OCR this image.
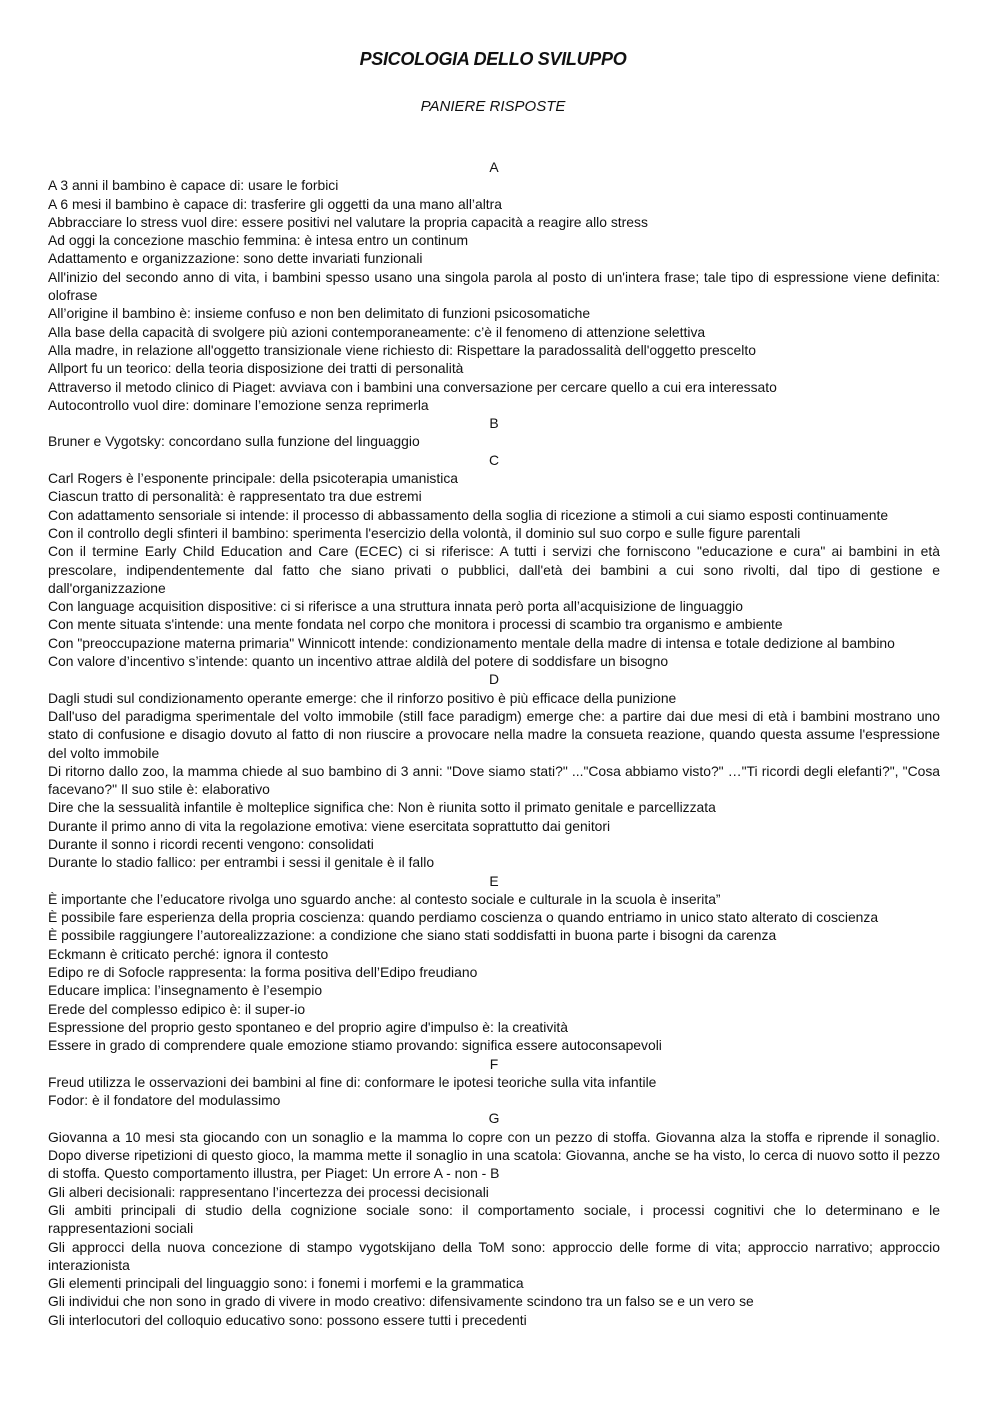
PSICOLOGIA DELLO SVILUPPO
PANIERE RISPOSTE
A
A 3 anni il bambino è capace di: usare le forbici
A 6 mesi il bambino è capace di: trasferire gli oggetti da una mano all’altra
Abbracciare lo stress vuol dire: essere positivi nel valutare la propria capacità a reagire allo stress
Ad oggi la concezione maschio femmina: è intesa entro un continum
Adattamento e organizzazione: sono dette invariati funzionali
All'inizio del secondo anno di vita, i bambini spesso usano una singola parola al posto di un'intera frase; tale tipo di espressione viene definita: olofrase
All’origine il bambino è: insieme confuso e non ben delimitato di funzioni psicosomatiche
Alla base della capacità di svolgere più azioni contemporaneamente: c’è il fenomeno di attenzione selettiva
Alla madre, in relazione all'oggetto transizionale viene richiesto di: Rispettare la paradossalità dell'oggetto prescelto
Allport fu un teorico: della teoria disposizione dei tratti di personalità
Attraverso il metodo clinico di Piaget: avviava con i bambini una conversazione per cercare quello a cui era interessato
Autocontrollo vuol dire: dominare l’emozione senza reprimerla
B
Bruner e Vygotsky: concordano sulla funzione del linguaggio
C
Carl Rogers è l’esponente principale: della psicoterapia umanistica
Ciascun tratto di personalità: è rappresentato tra due estremi
Con adattamento sensoriale si intende: il processo di abbassamento della soglia di ricezione a stimoli a cui siamo esposti continuamente
Con il controllo degli sfinteri il bambino: sperimenta l'esercizio della volontà, il dominio sul suo corpo e sulle figure parentali
Con il termine Early Child Education and Care (ECEC) ci si riferisce: A tutti i servizi che forniscono "educazione e cura" ai bambini in età prescolare, indipendentemente dal fatto che siano privati o pubblici, dall'età dei bambini a cui sono rivolti, dal tipo di gestione e dall'organizzazione
Con language acquisition dispositive: ci si riferisce a una struttura innata però porta all’acquisizione de linguaggio
Con mente situata s'intende: una mente fondata nel corpo che monitora i processi di scambio tra organismo e ambiente
Con "preoccupazione materna primaria" Winnicott intende: condizionamento mentale della madre di intensa e totale dedizione al bambino
Con valore d’incentivo s’intende: quanto un incentivo attrae aldilà del potere di soddisfare un bisogno
D
Dagli studi sul condizionamento operante emerge: che il rinforzo positivo è più efficace della punizione
Dall'uso del paradigma sperimentale del volto immobile (still face paradigm) emerge che: a partire dai due mesi di età i bambini mostrano uno stato di confusione e disagio dovuto al fatto di non riuscire a provocare nella madre la consueta reazione, quando questa assume l'espressione del volto immobile
Di ritorno dallo zoo, la mamma chiede al suo bambino di 3 anni: "Dove siamo stati?" ..."Cosa abbiamo visto?" …"Ti ricordi degli elefanti?", "Cosa facevano?" Il suo stile è: elaborativo
Dire che la sessualità infantile è molteplice significa che: Non è riunita sotto il primato genitale e parcellizzata
Durante il primo anno di vita la regolazione emotiva: viene esercitata soprattutto dai genitori
Durante il sonno i ricordi recenti vengono: consolidati
Durante lo stadio fallico: per entrambi i sessi il genitale è il fallo
E
È importante che l’educatore rivolga uno sguardo anche: al contesto sociale e culturale in la scuola è inserita”
È possibile fare esperienza della propria coscienza: quando perdiamo coscienza o quando entriamo in unico stato alterato di coscienza
È possibile raggiungere l’autorealizzazione: a condizione che siano stati soddisfatti in buona parte i bisogni da carenza
Eckmann è criticato perché: ignora il contesto
Edipo re di Sofocle rappresenta: la forma positiva dell’Edipo freudiano
Educare implica: l’insegnamento è l’esempio
Erede del complesso edipico è: il super-io
Espressione del proprio gesto spontaneo e del proprio agire d'impulso è: la creatività
Essere in grado di comprendere quale emozione stiamo provando: significa essere autoconsapevoli
F
Freud utilizza le osservazioni dei bambini al fine di: conformare le ipotesi teoriche sulla vita infantile
Fodor: è il fondatore del modulassimo
G
Giovanna a 10 mesi sta giocando con un sonaglio e la mamma lo copre con un pezzo di stoffa. Giovanna alza la stoffa e riprende il sonaglio. Dopo diverse ripetizioni di questo gioco, la mamma mette il sonaglio in una scatola: Giovanna, anche se ha visto, lo cerca di nuovo sotto il pezzo di stoffa. Questo comportamento illustra, per Piaget: Un errore A - non - B
Gli alberi decisionali: rappresentano l’incertezza dei processi decisionali
Gli ambiti principali di studio della cognizione sociale sono: il comportamento sociale, i processi cognitivi che lo determinano e le rappresentazioni sociali
Gli approcci della nuova concezione di stampo vygotskijano della ToM sono: approccio delle forme di vita; approccio narrativo; approccio interazionista
Gli elementi principali del linguaggio sono: i fonemi i morfemi e la grammatica
Gli individui che non sono in grado di vivere in modo creativo: difensivamente scindono tra un falso se e un vero se
Gli interlocutori del colloquio educativo sono: possono essere tutti i precedenti
